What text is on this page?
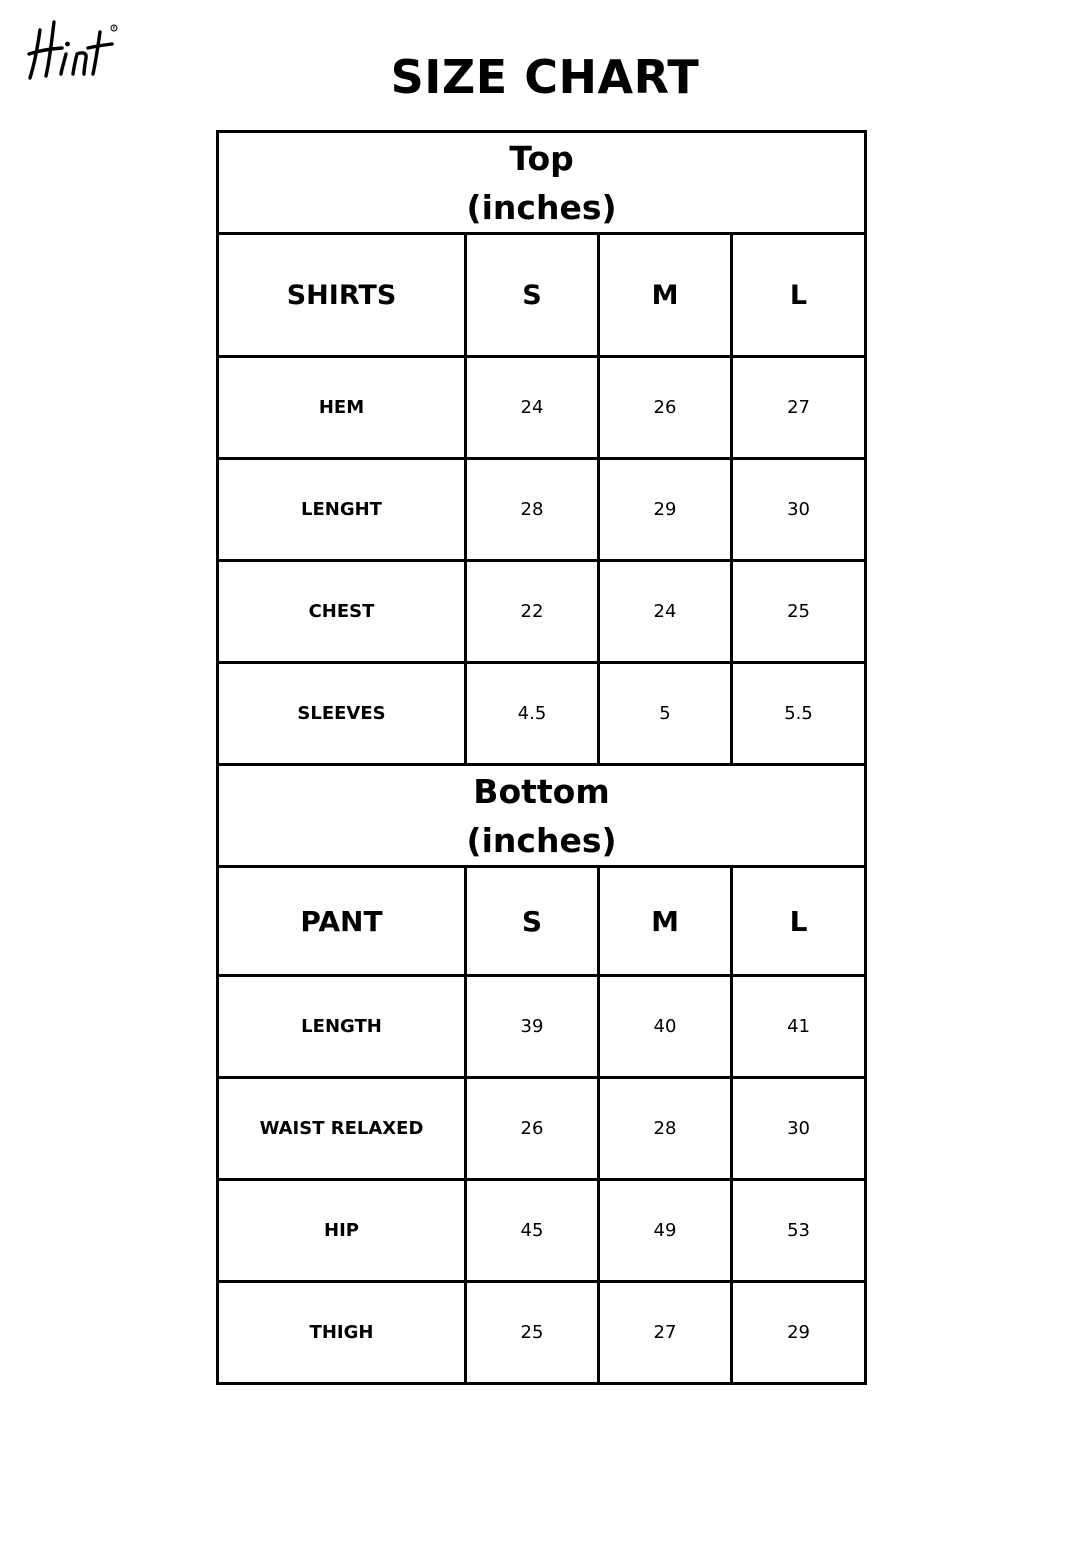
R
SIZE CHART
Top
(inches)			

SHIRTS	S	M	L
HEM	24	26	27
LENGHT	28	29	30
CHEST	22	24	25
SLEEVES	4.5	5	5.5

Bottom
(inches)			

PANT	S	M	L
LENGTH	39	40	41
WAIST RELAXED	26	28	30
HIP	45	49	53
THIGH	25	27	29
